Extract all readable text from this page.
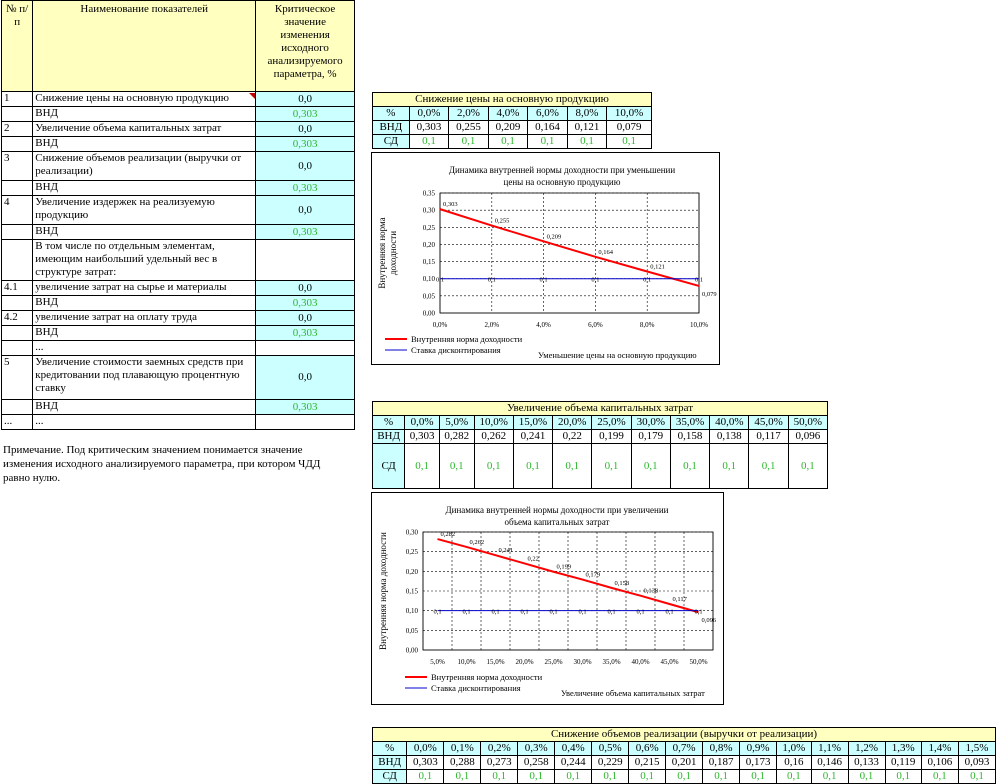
№ п/п	Наименование показателей	Критическое значение изменения исходного анализируемого параметра, %
1	Снижение цены на основную продукцию	0,0
	ВНД	0,303
2	Увеличение объема капитальных затрат	0,0
	ВНД	0,303
3	Снижение объемов реализации (выручки от реализации)	0,0
	ВНД	0,303
4	Увеличение издержек на реализуемую продукцию	0,0
	ВНД	0,303
	В том числе по отдельным элементам, имеющим наибольший удельный вес в структуре затрат:	
4.1	увеличение затрат на сырье и материалы	0,0
	ВНД	0,303
4.2	увеличение затрат на оплату труда	0,0
	ВНД	0,303
	...	
5	Увеличение стоимости заемных средств при кредитовании под плавающую процентную ставку	0,0
	ВНД	0,303
...	...	
Примечание. Под критическим значением понимается значение изменения исходного анализируемого параметра, при котором ЧДД равно нулю.
Снижение цены на основную продукцию						
%	0,0%	2,0%	4,0%	6,0%	8,0%	10,0%
ВНД	0,303	0,255	0,209	0,164	0,121	0,079
СД	0,1	0,1	0,1	0,1	0,1	0,1
Динамика внутренней нормы доходности при уменьшении
цены на основную продукцию
Внутренняя норма доходности
0,00
0,05
0,10
0,15
0,20
0,25
0,30
0,35
0,0%	2,0%	4,0%	6,0%	8,0%	10,0%
0,303
0,255
0,209
0,164
0,121
0,079
0,1	0,1	0,1	0,1	0,1	0,1
Внутренняя норма доходности
Ставка дисконтирования	Уменьшение цены на основную продукцию
Увеличение объема капитальных затрат											
%	0,0%	5,0%	10,0%	15,0%	20,0%	25,0%	30,0%	35,0%	40,0%	45,0%	50,0%
ВНД	0,303	0,282	0,262	0,241	0,22	0,199	0,179	0,158	0,138	0,117	0,096
СД	0,1	0,1	0,1	0,1	0,1	0,1	0,1	0,1	0,1	0,1	0,1
Динамика внутренней нормы доходности при увеличении
объема капитальных затрат
Внутренняя норма доходности
0,00
0,05
0,10
0,15
0,20
0,25
0,30
5,0% 10,0% 15,0% 20,0% 25,0% 30,0% 35,0% 40,0% 45,0% 50,0%
0,282
0,262
0,241
0,22
0,199
0,179
0,158
0,138
0,117
0,096
0,1	0,1	0,1	0,1	0,1	0,1	0,1	0,1	0,1	0,1
Внутренняя норма доходности
Ставка дисконтирования	Увеличение объема капитальных затрат
Снижение объемов реализации (выручки от реализации)																
%	0,0%	0,1%	0,2%	0,3%	0,4%	0,5%	0,6%	0,7%	0,8%	0,9%	1,0%	1,1%	1,2%	1,3%	1,4%	1,5%
ВНД	0,303	0,288	0,273	0,258	0,244	0,229	0,215	0,201	0,187	0,173	0,16	0,146	0,133	0,119	0,106	0,093
СД	0,1	0,1	0,1	0,1	0,1	0,1	0,1	0,1	0,1	0,1	0,1	0,1	0,1	0,1	0,1	0,1
